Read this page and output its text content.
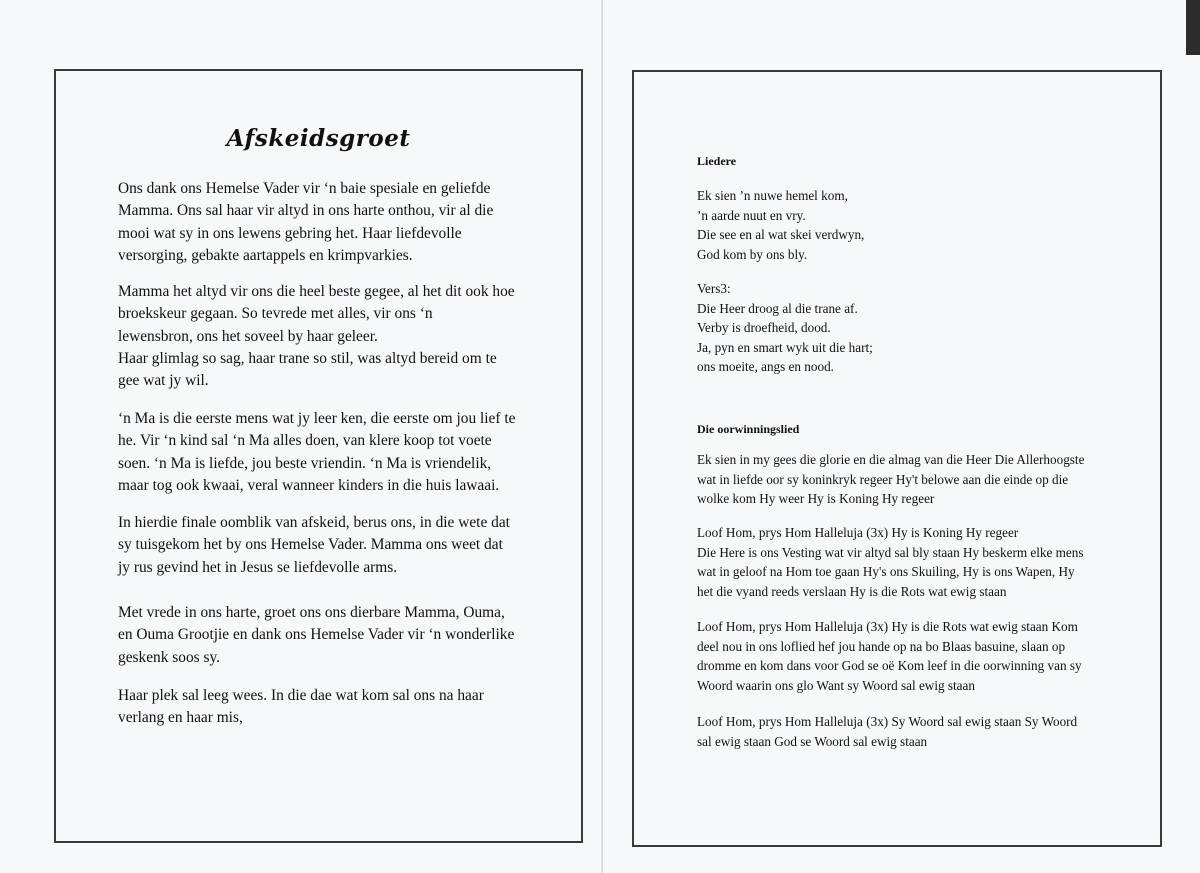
Afskeidsgroet

Ons dank ons Hemelse Vader vir ‘n baie spesiale en geliefde
Mamma. Ons sal haar vir altyd in ons harte onthou, vir al die
mooi wat sy in ons lewens gebring het. Haar liefdevolle
versorging, gebakte aartappels en krimpvarkies.

Mamma het altyd vir ons die heel beste gegee, al het dit ook hoe
broekskeur gegaan. So tevrede met alles, vir ons ‘n
lewensbron, ons het soveel by haar geleer.
Haar glimlag so sag, haar trane so stil, was altyd bereid om te
gee wat jy wil.

‘n Ma is die eerste mens wat jy leer ken, die eerste om jou lief te
he. Vir ‘n kind sal ‘n Ma alles doen, van klere koop tot voete
soen. ‘n Ma is liefde, jou beste vriendin. ‘n Ma is vriendelik,
maar tog ook kwaai, veral wanneer kinders in die huis lawaai.

In hierdie finale oomblik van afskeid, berus ons, in die wete dat
sy tuisgekom het by ons Hemelse Vader. Mamma ons weet dat
jy rus gevind het in Jesus se liefdevolle arms.

Met vrede in ons harte, groet ons ons dierbare Mamma, Ouma,
en Ouma Grootjie en dank ons Hemelse Vader vir ‘n wonderlike
geskenk soos sy.

Haar plek sal leeg wees. In die dae wat kom sal ons na haar
verlang en haar mis,

Liedere

Ek sien ’n nuwe hemel kom,
’n aarde nuut en vry.
Die see en al wat skei verdwyn,
God kom by ons bly.

Vers3:
Die Heer droog al die trane af.
Verby is droefheid, dood.
Ja, pyn en smart wyk uit die hart;
ons moeite, angs en nood.

Die oorwinningslied

Ek sien in my gees die glorie en die almag van die Heer Die Allerhoogste
wat in liefde oor sy koninkryk regeer Hy't belowe aan die einde op die
wolke kom Hy weer Hy is Koning Hy regeer

Loof Hom, prys Hom Halleluja (3x) Hy is Koning Hy regeer
Die Here is ons Vesting wat vir altyd sal bly staan Hy beskerm elke mens
wat in geloof na Hom toe gaan Hy's ons Skuiling, Hy is ons Wapen, Hy
het die vyand reeds verslaan Hy is die Rots wat ewig staan

Loof Hom, prys Hom Halleluja (3x) Hy is die Rots wat ewig staan Kom
deel nou in ons loflied hef jou hande op na bo Blaas basuine, slaan op
dromme en kom dans voor God se oë Kom leef in die oorwinning van sy
Woord waarin ons glo Want sy Woord sal ewig staan

Loof Hom, prys Hom Halleluja (3x) Sy Woord sal ewig staan Sy Woord
sal ewig staan God se Woord sal ewig staan
